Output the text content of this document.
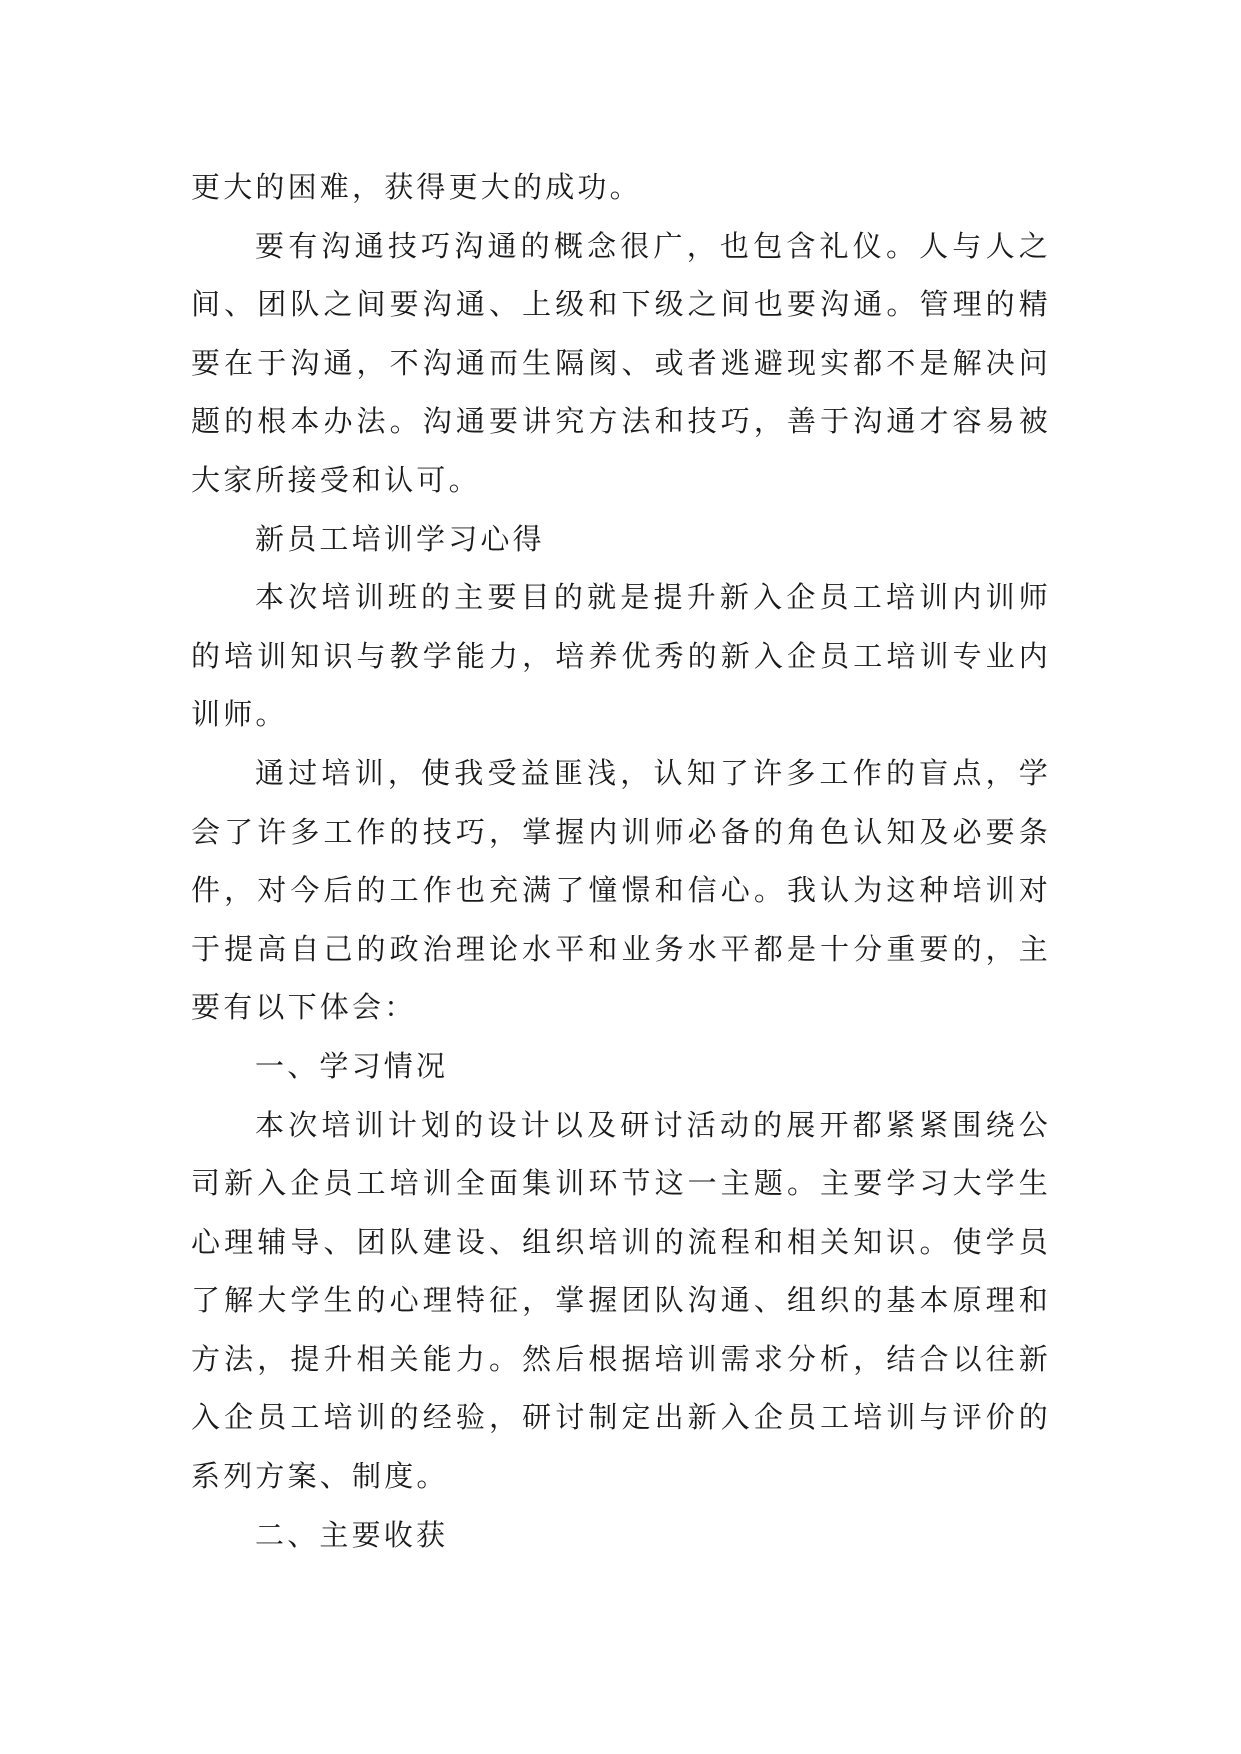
更大的困难，获得更大的成功。

要有沟通技巧沟通的概念很广，也包含礼仪。人与人之间、团队之间要沟通、上级和下级之间也要沟通。管理的精要在于沟通，不沟通而生隔阂、或者逃避现实都不是解决问题的根本办法。沟通要讲究方法和技巧，善于沟通才容易被大家所接受和认可。

新员工培训学习心得

本次培训班的主要目的就是提升新入企员工培训内训师的培训知识与教学能力，培养优秀的新入企员工培训专业内训师。

通过培训，使我受益匪浅，认知了许多工作的盲点，学会了许多工作的技巧，掌握内训师必备的角色认知及必要条件，对今后的工作也充满了憧憬和信心。我认为这种培训对于提高自己的政治理论水平和业务水平都是十分重要的，主要有以下体会：

一、学习情况

本次培训计划的设计以及研讨活动的展开都紧紧围绕公司新入企员工培训全面集训环节这一主题。主要学习大学生心理辅导、团队建设、组织培训的流程和相关知识。使学员了解大学生的心理特征，掌握团队沟通、组织的基本原理和方法，提升相关能力。然后根据培训需求分析，结合以往新入企员工培训的经验，研讨制定出新入企员工培训与评价的系列方案、制度。

二、主要收获
